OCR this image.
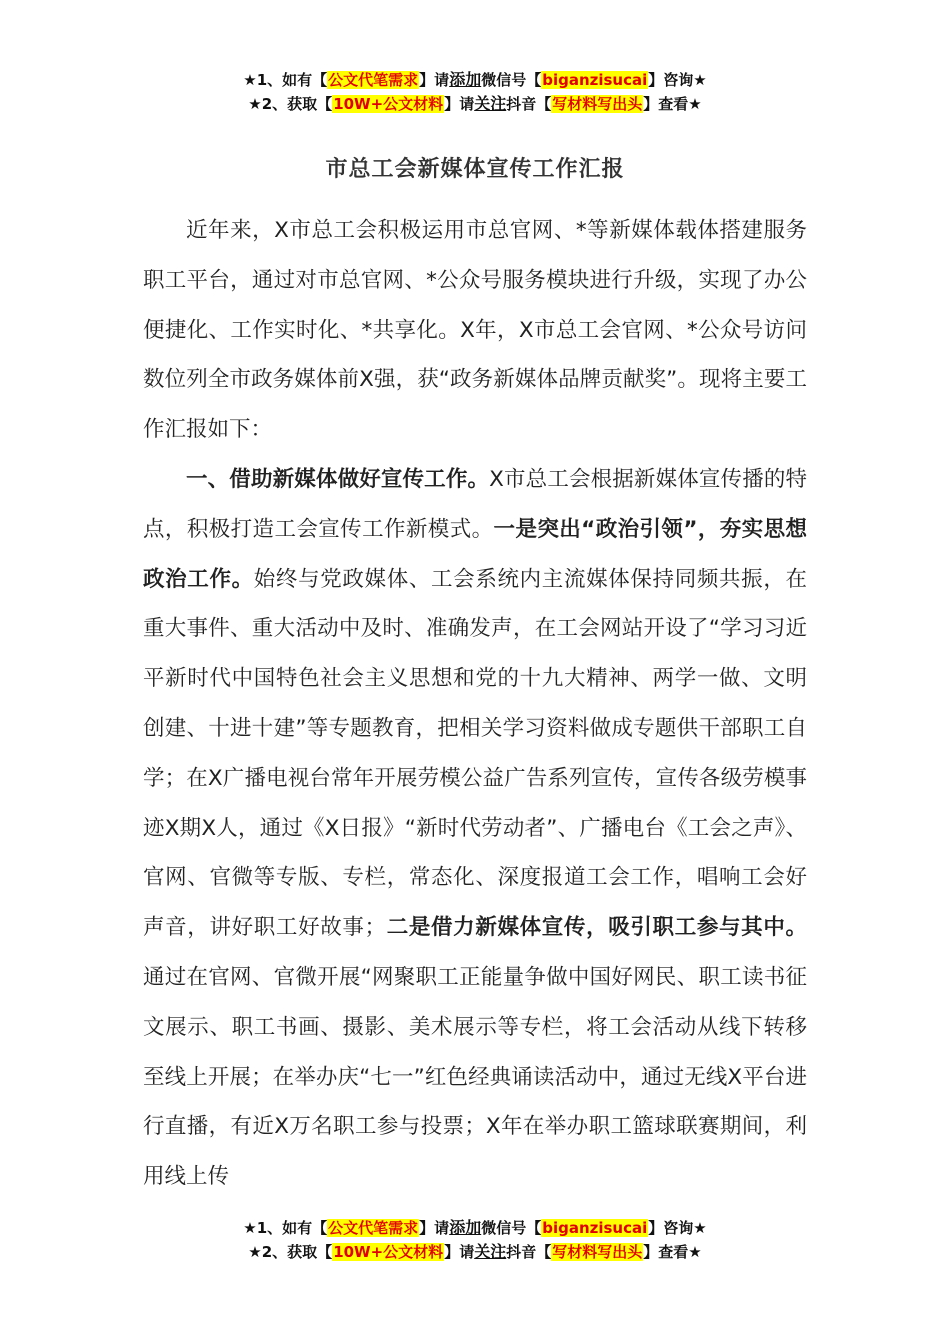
★1、如有【公文代笔需求】请添加微信号【biganzisucai】咨询★
★2、获取【10W+公文材料】请关注抖音【写材料写出头】查看★
市总工会新媒体宣传工作汇报

近年来，X市总工会积极运用市总官网、*等新媒体载体搭建服务职工平台，通过对市总官网、*公众号服务模块进行升级，实现了办公便捷化、工作实时化、*共享化。X年，X市总工会官网、*公众号访问数位列全市政务媒体前X强，获“政务新媒体品牌贡献奖”。现将主要工作汇报如下：

一、借助新媒体做好宣传工作。X市总工会根据新媒体宣传播的特点，积极打造工会宣传工作新模式。一是突出“政治引领”，夯实思想政治工作。始终与党政媒体、工会系统内主流媒体保持同频共振，在重大事件、重大活动中及时、准确发声，在工会网站开设了“学习习近平新时代中国特色社会主义思想和党的十九大精神、两学一做、文明创建、十进十建”等专题教育，把相关学习资料做成专题供干部职工自学；在X广播电视台常年开展劳模公益广告系列宣传，宣传各级劳模事迹X期X人，通过《X日报》“新时代劳动者”、广播电台《工会之声》、官网、官微等专版、专栏，常态化、深度报道工会工作，唱响工会好声音，讲好职工好故事；二是借力新媒体宣传，吸引职工参与其中。通过在官网、官微开展“网聚职工正能量争做中国好网民、职工读书征文展示、职工书画、摄影、美术展示等专栏，将工会活动从线下转移至线上开展；在举办庆“七一”红色经典诵读活动中，通过无线X平台进行直播，有近X万名职工参与投票；X年在举办职工篮球联赛期间，利用线上传

★1、如有【公文代笔需求】请添加微信号【biganzisucai】咨询★
★2、获取【10W+公文材料】请关注抖音【写材料写出头】查看★
